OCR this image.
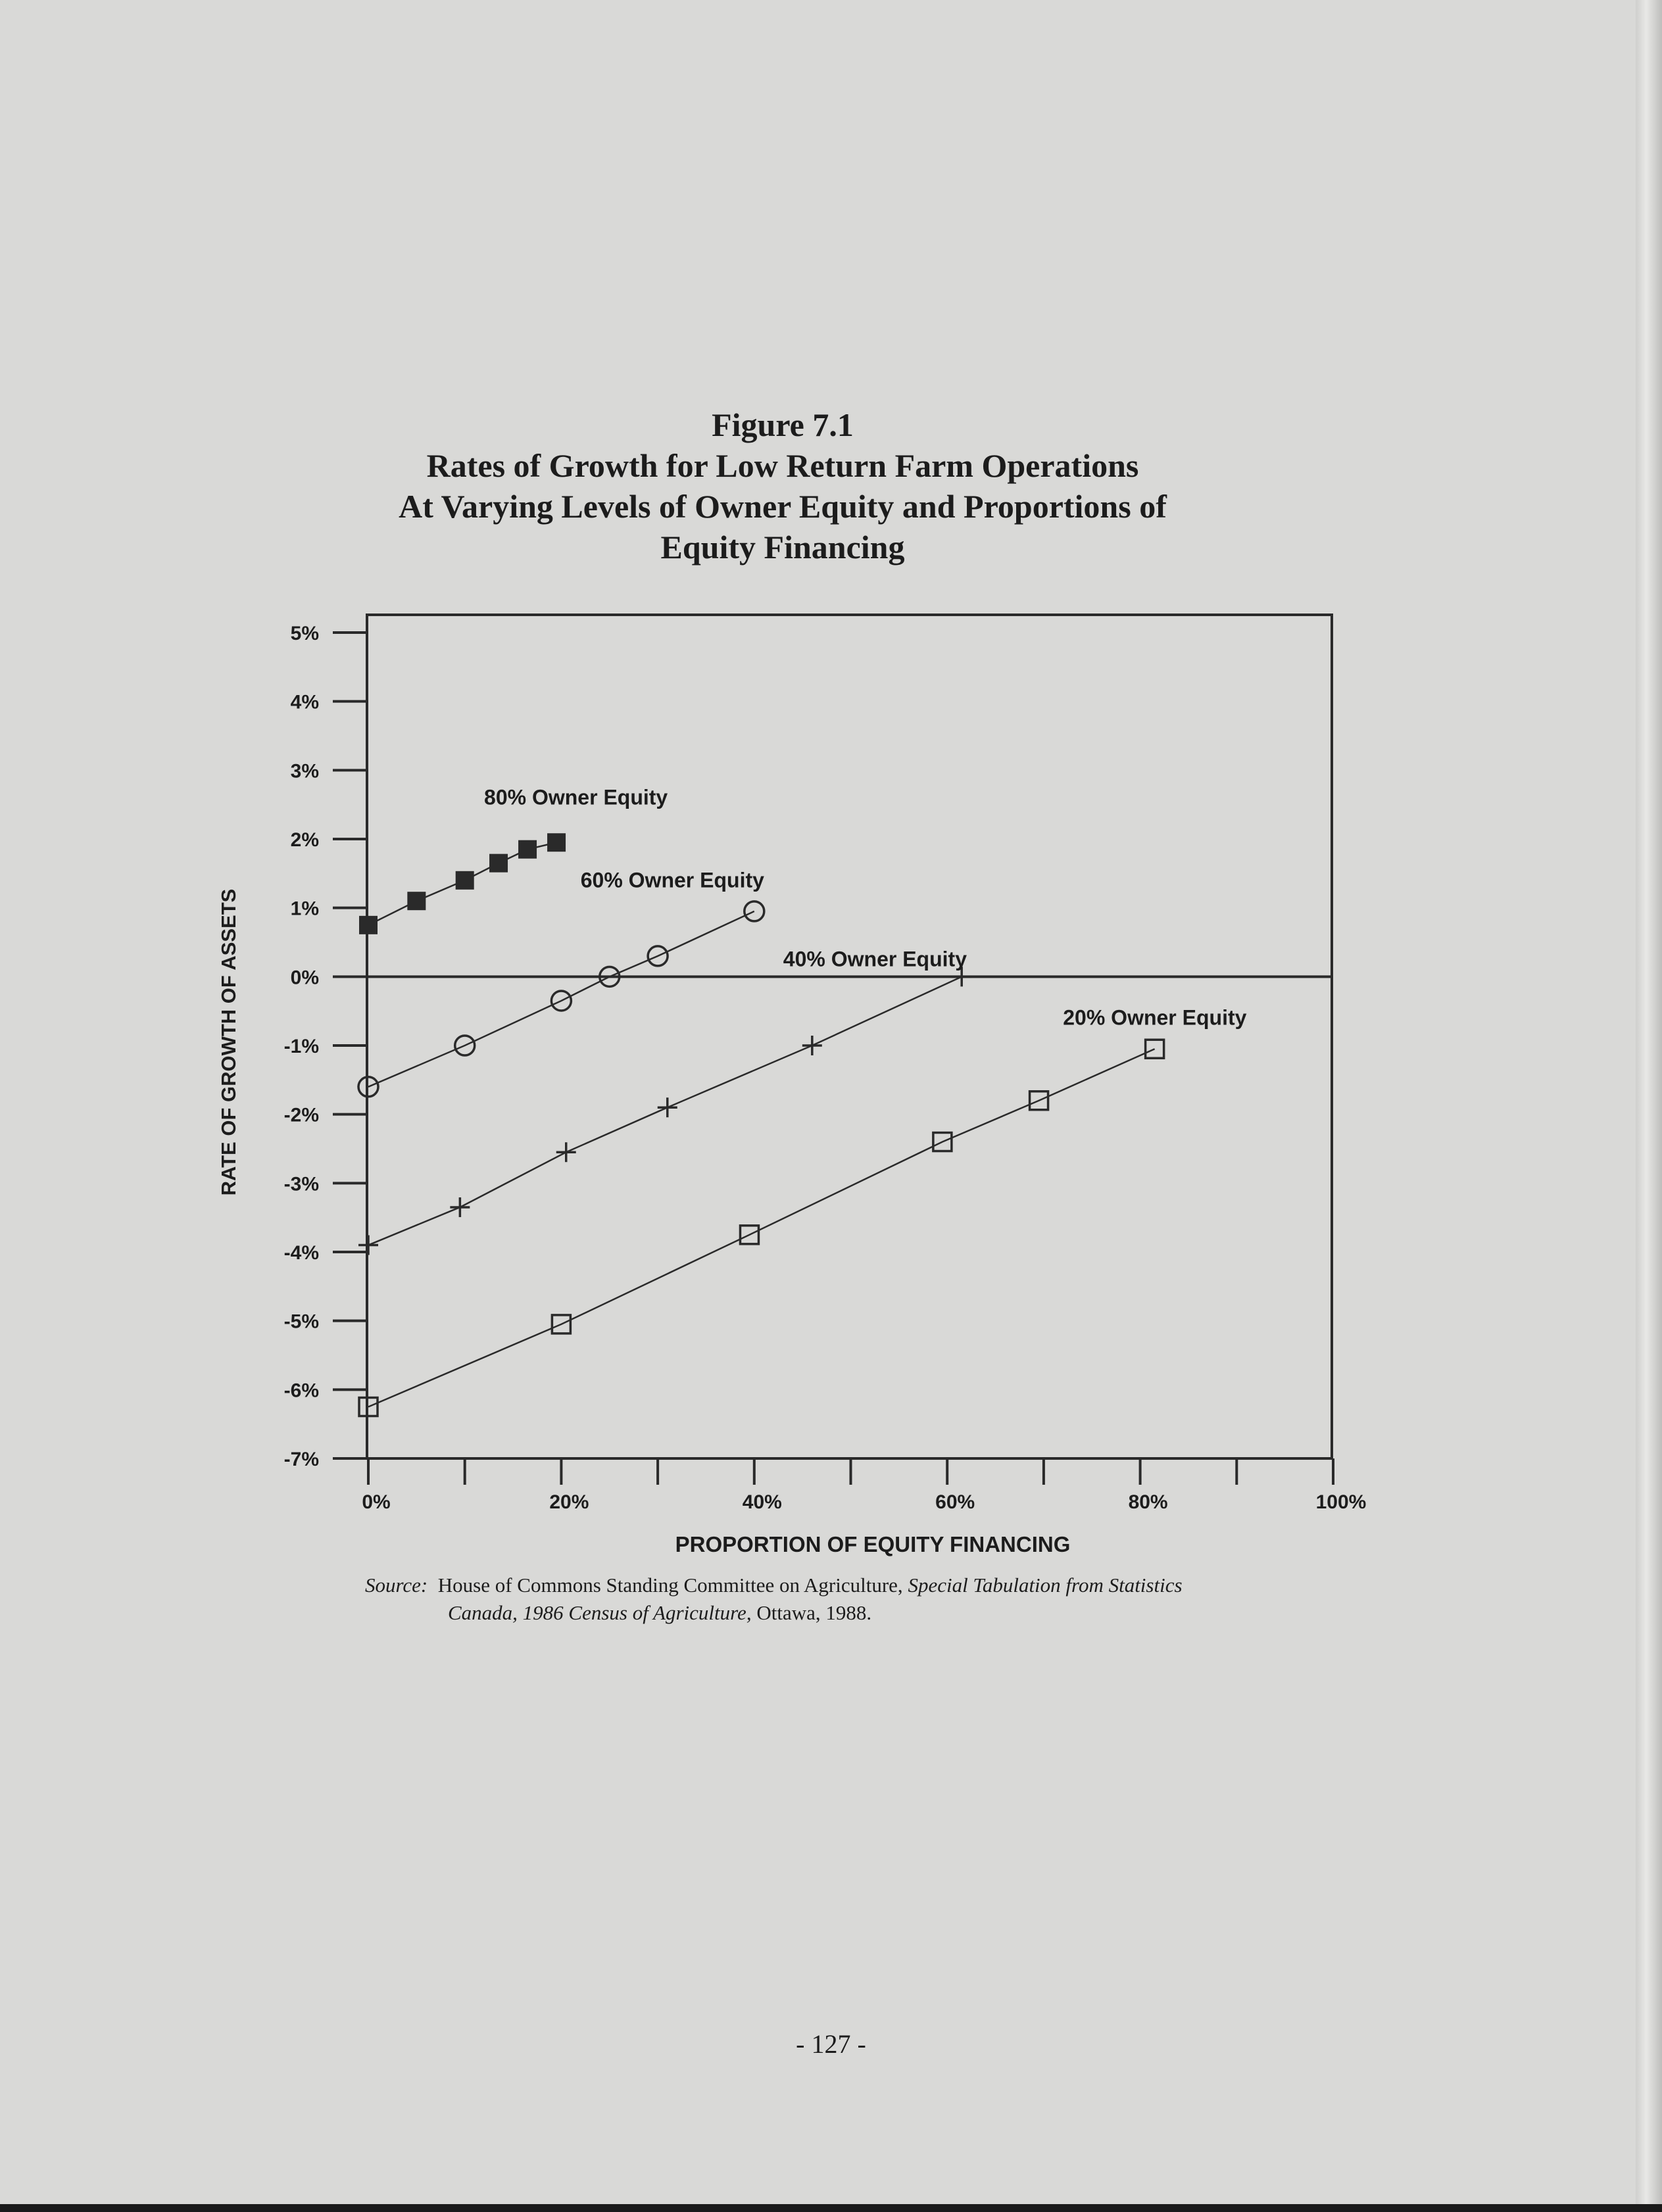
Figure 7.1
Rates of Growth for Low Return Farm Operations
At Varying Levels of Owner Equity and Proportions of
Equity Financing
5%
4%
3%
2%
1%
0%
-1%
-2%
-3%
-4%
-5%
-6%
-7%
0%	20%	40%	60%	80%	100%
80% Owner Equity
60% Owner Equity
40% Owner Equity
20% Owner Equity
RATE OF GROWTH OF ASSETS
PROPORTION OF EQUITY FINANCING
Source: House of Commons Standing Committee on Agriculture, Special Tabulation from Statistics
Canada, 1986 Census of Agriculture, Ottawa, 1988.
- 127 -
